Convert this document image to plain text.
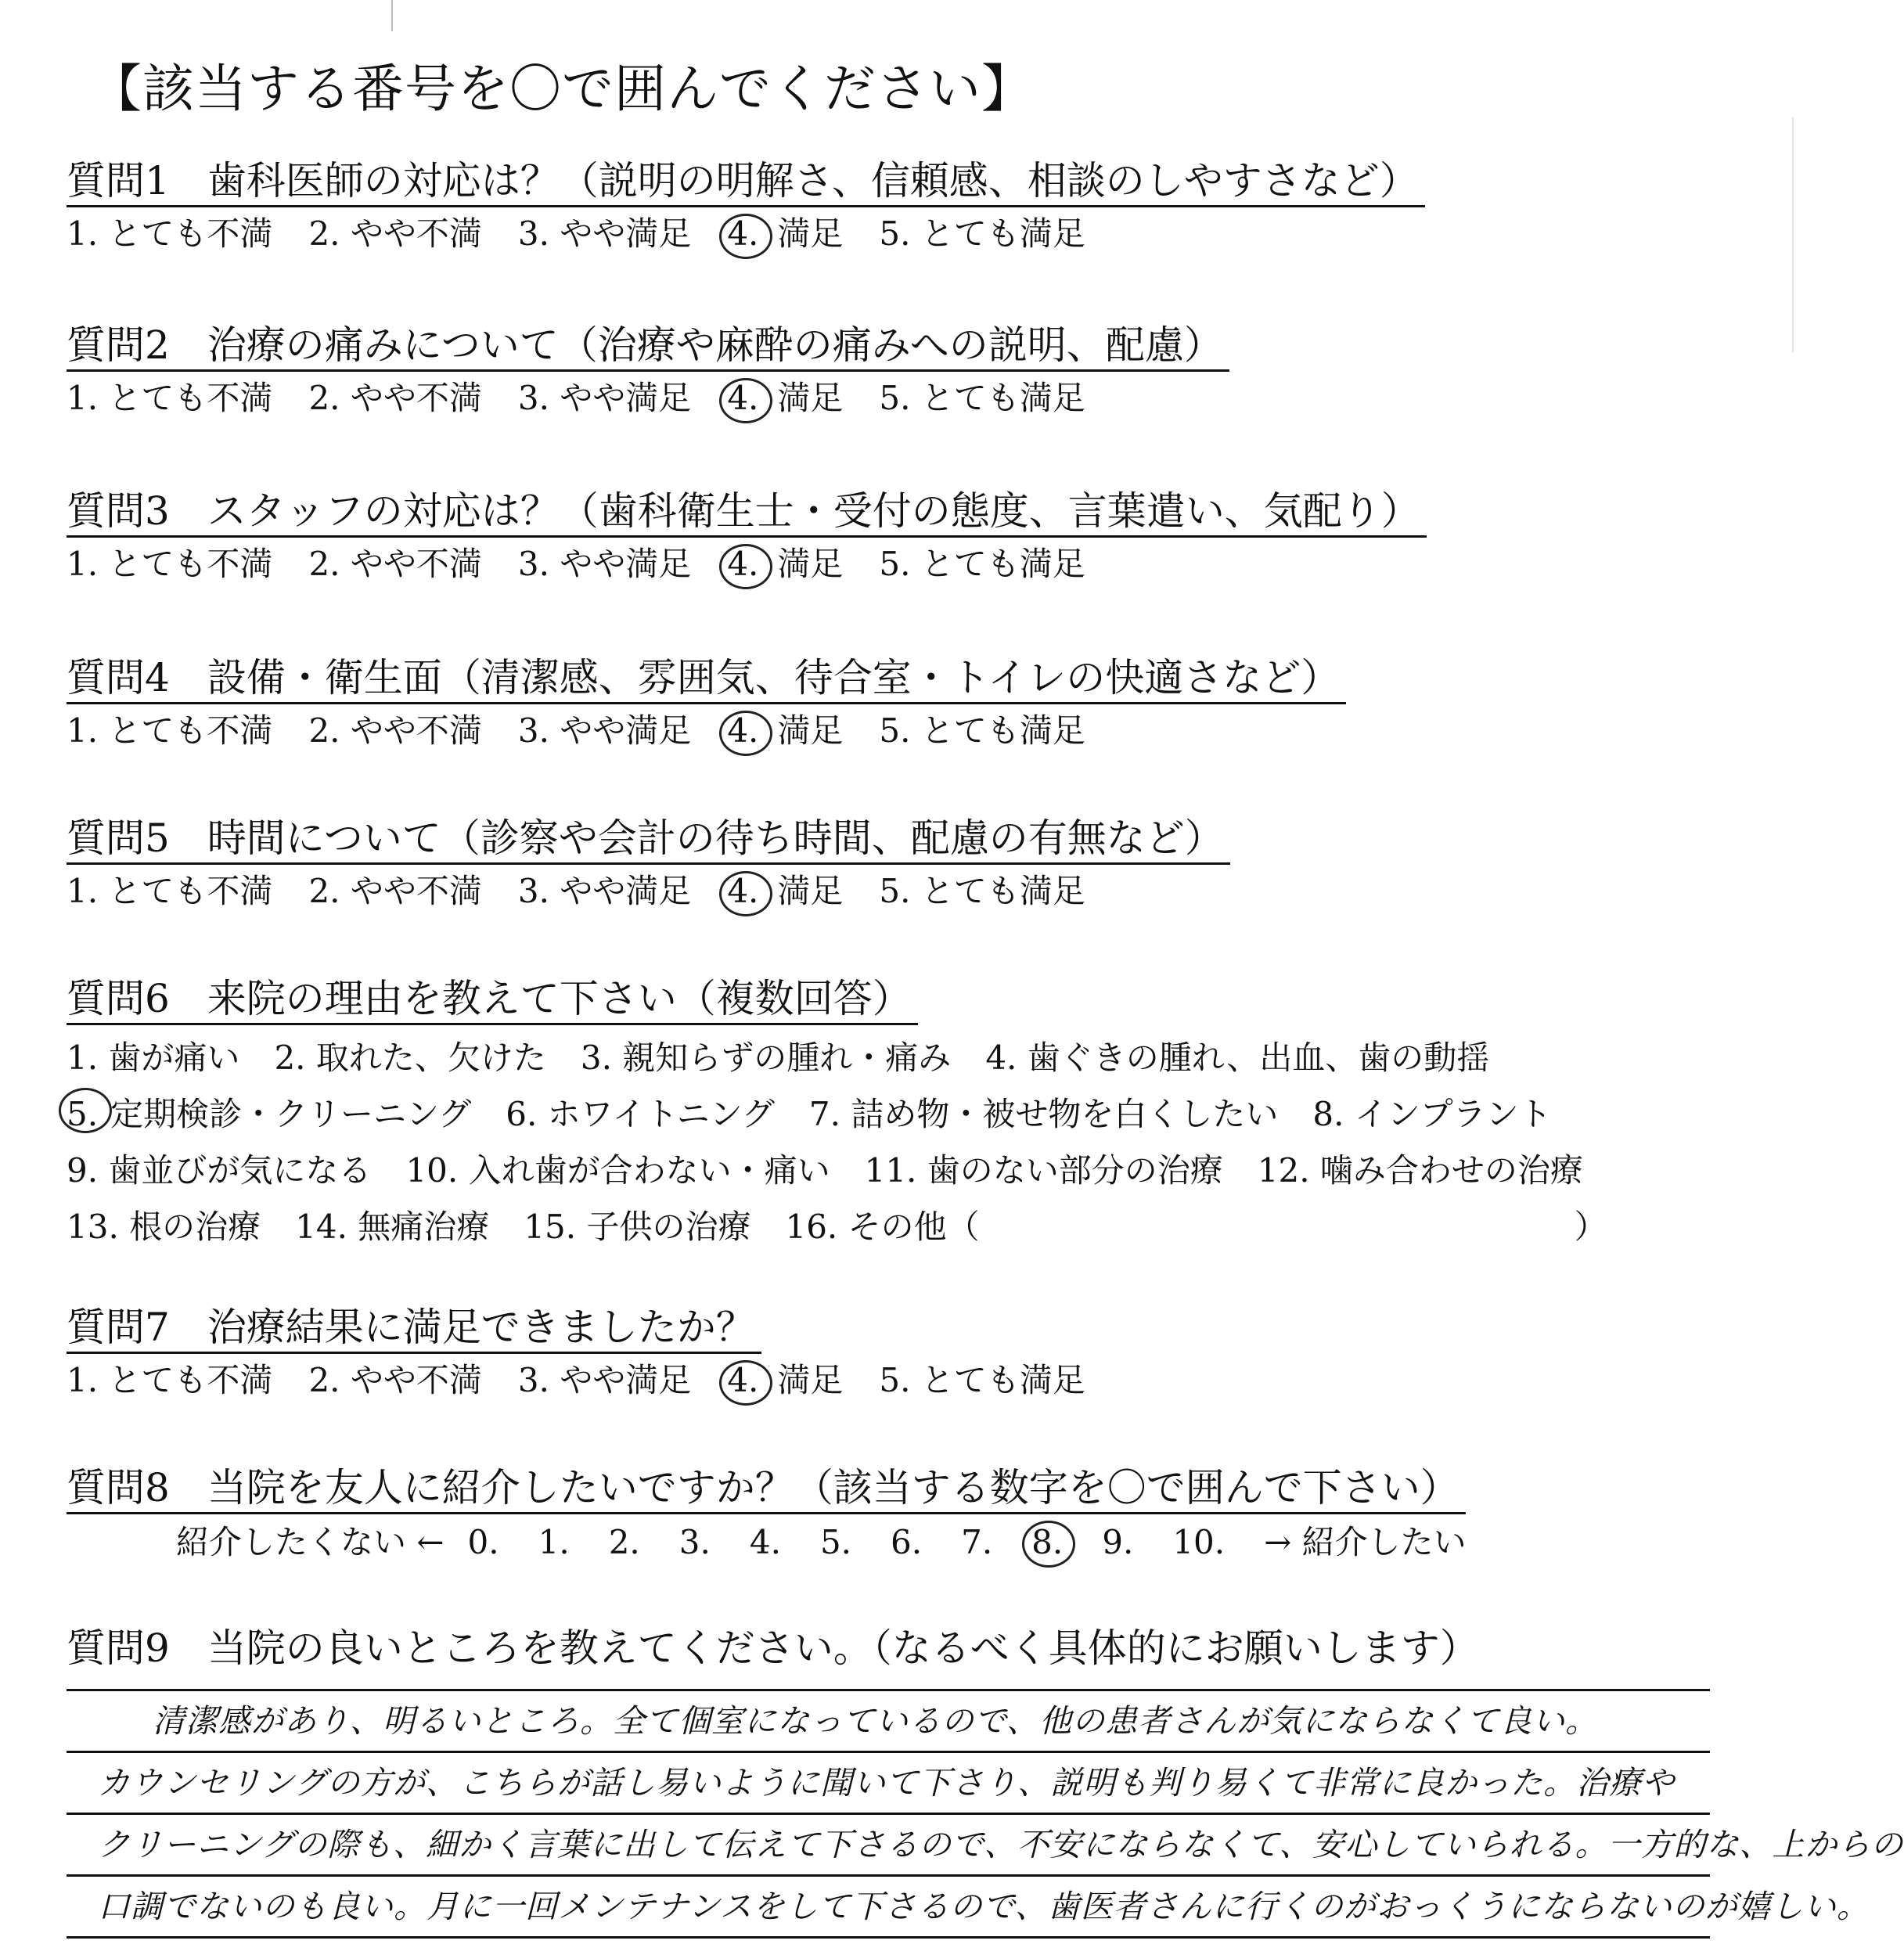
【該当する番号を〇で囲んでください】
質問1 歯科医師の対応は？（説明の明解さ、信頼感、相談のしやすさなど）
1. とても不満 2. やや不満 3. やや満足 4. 満足 5. とても満足
質問2 治療の痛みについて（治療や麻酔の痛みへの説明、配慮）
1. とても不満 2. やや不満 3. やや満足 4. 満足 5. とても満足
質問3 スタッフの対応は？（歯科衛生士・受付の態度、言葉遣い、気配り）
1. とても不満 2. やや不満 3. やや満足 4. 満足 5. とても満足
質問4 設備・衛生面（清潔感、雰囲気、待合室・トイレの快適さなど）
1. とても不満 2. やや不満 3. やや満足 4. 満足 5. とても満足
質問5 時間について（診察や会計の待ち時間、配慮の有無など）
1. とても不満 2. やや不満 3. やや満足 4. 満足 5. とても満足
質問6 来院の理由を教えて下さい（複数回答）
1. 歯が痛い 2. 取れた、欠けた 3. 親知らずの腫れ・痛み 4. 歯ぐきの腫れ、出血、歯の動揺
5. 定期検診・クリーニング 6. ホワイトニング 7. 詰め物・被せ物を白くしたい 8. インプラント
9. 歯並びが気になる 10. 入れ歯が合わない・痛い 11. 歯のない部分の治療 12. 噛み合わせの治療
13. 根の治療 14. 無痛治療 15. 子供の治療 16. その他（	）
質問7 治療結果に満足できましたか？
1. とても不満 2. やや不満 3. やや満足 4. 満足 5. とても満足
質問8 当院を友人に紹介したいですか？（該当する数字を〇で囲んで下さい）
紹介したくない ← 0. 1. 2. 3. 4. 5. 6. 7. 8. 9. 10. → 紹介したい
質問9 当院の良いところを教えてください。（なるべく具体的にお願いします）
清潔感があり、明るいところ。全て個室になっているので、他の患者さんが気にならなくて良い。
カウンセリングの方が、こちらが話し易いように聞いて下さり、説明も判り易くて非常に良かった。治療や
クリーニングの際も、細かく言葉に出して伝えて下さるので、不安にならなくて、安心していられる。一方的な、上からの
口調でないのも良い。月に一回メンテナンスをして下さるので、歯医者さんに行くのがおっくうにならないのが嬉しい。
